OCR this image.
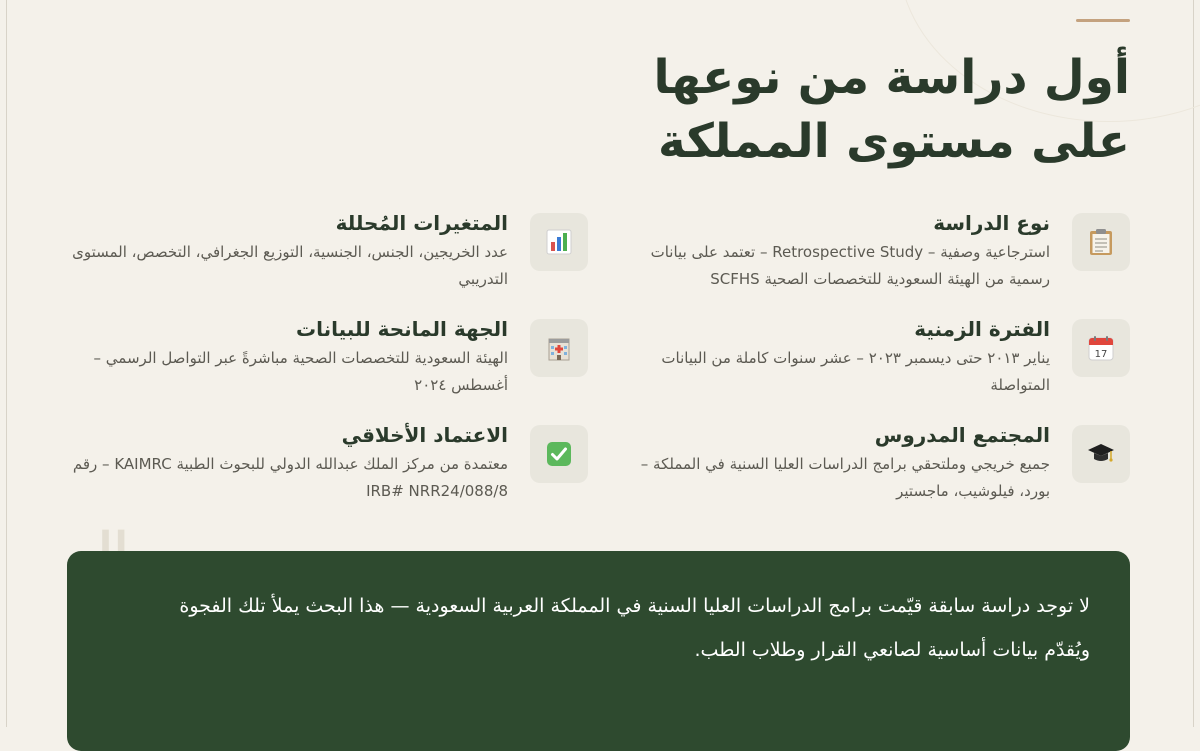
أول دراسة من نوعها
على مستوى المملكة
نوع الدراسة

استرجاعية وصفية – Retrospective Study – تعتمد على بيانات رسمية من الهيئة السعودية للتخصصات الصحية SCFHS

المتغيرات المُحللة

عدد الخريجين، الجنس، الجنسية، التوزيع الجغرافي، التخصص، المستوى التدريبي

17
الفترة الزمنية

يناير ٢٠١٣ حتى ديسمبر ٢٠٢٣ – عشر سنوات كاملة من البيانات المتواصلة

الجهة المانحة للبيانات

الهيئة السعودية للتخصصات الصحية مباشرةً عبر التواصل الرسمي – أغسطس ٢٠٢٤

المجتمع المدروس

جميع خريجي وملتحقي برامج الدراسات العليا السنية في المملكة – بورد، فيلوشيب، ماجستير

الاعتماد الأخلاقي

معتمدة من مركز الملك عبدالله الدولي للبحوث الطبية KAIMRC – رقم IRB# NRR24/088/8

لا توجد دراسة سابقة قيّمت برامج الدراسات العليا السنية في المملكة العربية السعودية — هذا البحث يملأ تلك الفجوة ويُقدّم بيانات أساسية لصانعي القرار وطلاب الطب.
